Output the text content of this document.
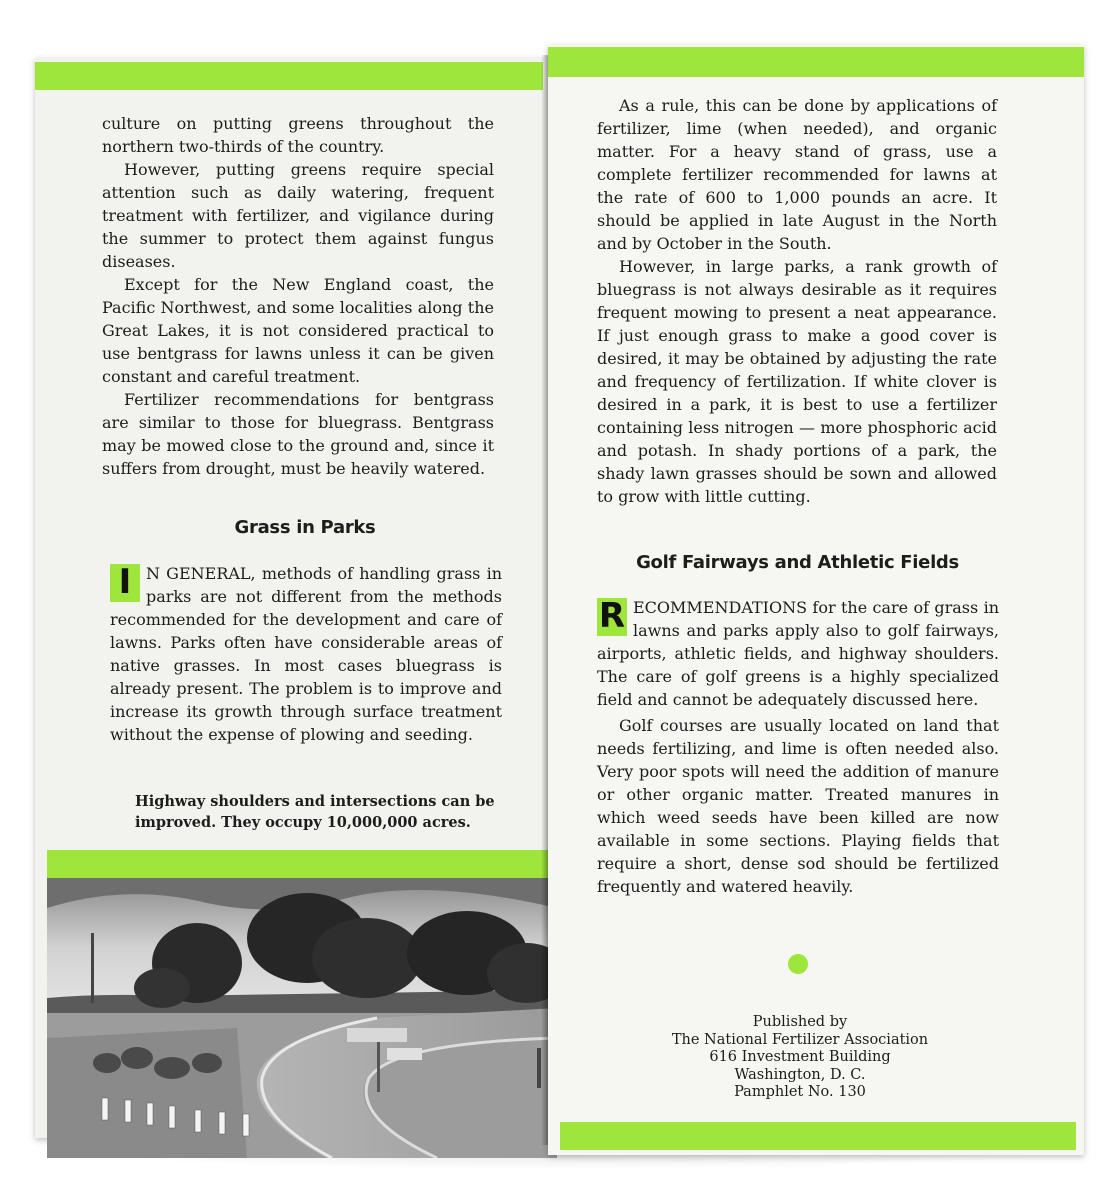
culture on putting greens throughout the northern two-thirds of the country.

However, putting greens require special attention such as daily watering, frequent treatment with fertilizer, and vigilance during the summer to protect them against fungus diseases.

Except for the New England coast, the Pacific Northwest, and some localities along the Great Lakes, it is not considered practical to use bentgrass for lawns unless it can be given constant and careful treatment.

Fertilizer recommendations for bentgrass are similar to those for bluegrass. Bentgrass may be mowed close to the ground and, since it suffers from drought, must be heavily watered.

Grass in Parks
I N GENERAL, methods of handling grass in parks are not different from the methods recommended for the development and care of lawns. Parks often have considerable areas of native grasses. In most cases bluegrass is already present. The problem is to improve and increase its growth through surface treatment without the expense of plowing and seeding.

Highway shoulders and intersections can be improved. They occupy 10,000,000 acres.

As a rule, this can be done by applications of fertilizer, lime (when needed), and organic matter. For a heavy stand of grass, use a complete fertilizer recommended for lawns at the rate of 600 to 1,000 pounds an acre. It should be applied in late August in the North and by October in the South.

However, in large parks, a rank growth of bluegrass is not always desirable as it requires frequent mowing to present a neat appearance. If just enough grass to make a good cover is desired, it may be obtained by adjusting the rate and frequency of fertilization. If white clover is desired in a park, it is best to use a fertilizer containing less nitrogen — more phosphoric acid and potash. In shady portions of a park, the shady lawn grasses should be sown and allowed to grow with little cutting.

Golf Fairways and Athletic Fields
R ECOMMENDATIONS for the care of grass in lawns and parks apply also to golf fairways, airports, athletic fields, and highway shoulders. The care of golf greens is a highly specialized field and cannot be adequately discussed here.

Golf courses are usually located on land that needs fertilizing, and lime is often needed also. Very poor spots will need the addition of manure or other organic matter. Treated manures in which weed seeds have been killed are now available in some sections. Playing fields that require a short, dense sod should be fertilized frequently and watered heavily.

Published by
The National Fertilizer Association
616 Investment Building
Washington, D. C.
Pamphlet No. 130
